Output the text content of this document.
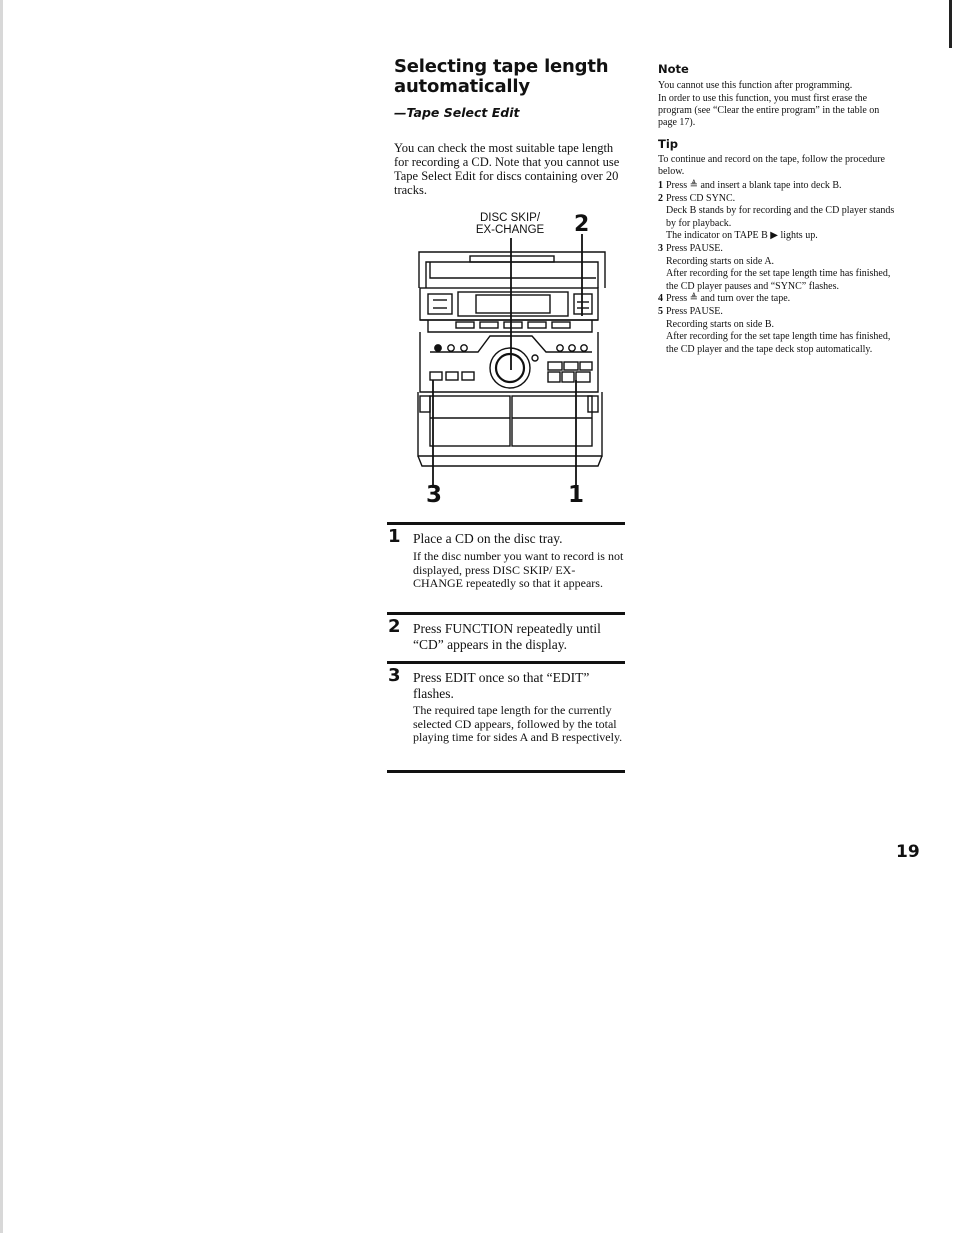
Selecting tape length automatically
—Tape Select Edit
You can check the most suitable tape length for recording a CD. Note that you cannot use Tape Select Edit for discs containing over 20 tracks.
DISC SKIP/
EX-CHANGE 2
3	1
1 Place a CD on the disc tray.
If the disc number you want to record is not displayed, press DISC SKIP/ EX-CHANGE repeatedly so that it appears.
2 Press FUNCTION repeatedly until “CD” appears in the display.
3 Press EDIT once so that “EDIT” flashes.
The required tape length for the currently selected CD appears, followed by the total playing time for sides A and B respectively.
Note
You cannot use this function after programming.
In order to use this function, you must first erase the program (see “Clear the entire program” in the table on page 17).
Tip
To continue and record on the tape, follow the procedure below.
1 Press ≜ and insert a blank tape into deck B.
2 Press CD SYNC.
Deck B stands by for recording and the CD player stands by for playback.
The indicator on TAPE B ▶ lights up.
3 Press PAUSE.
Recording starts on side A.
After recording for the set tape length time has finished, the CD player pauses and “SYNC” flashes.
4 Press ≜ and turn over the tape.
5 Press PAUSE.
Recording starts on side B.
After recording for the set tape length time has finished, the CD player and the tape deck stop automatically.
19
